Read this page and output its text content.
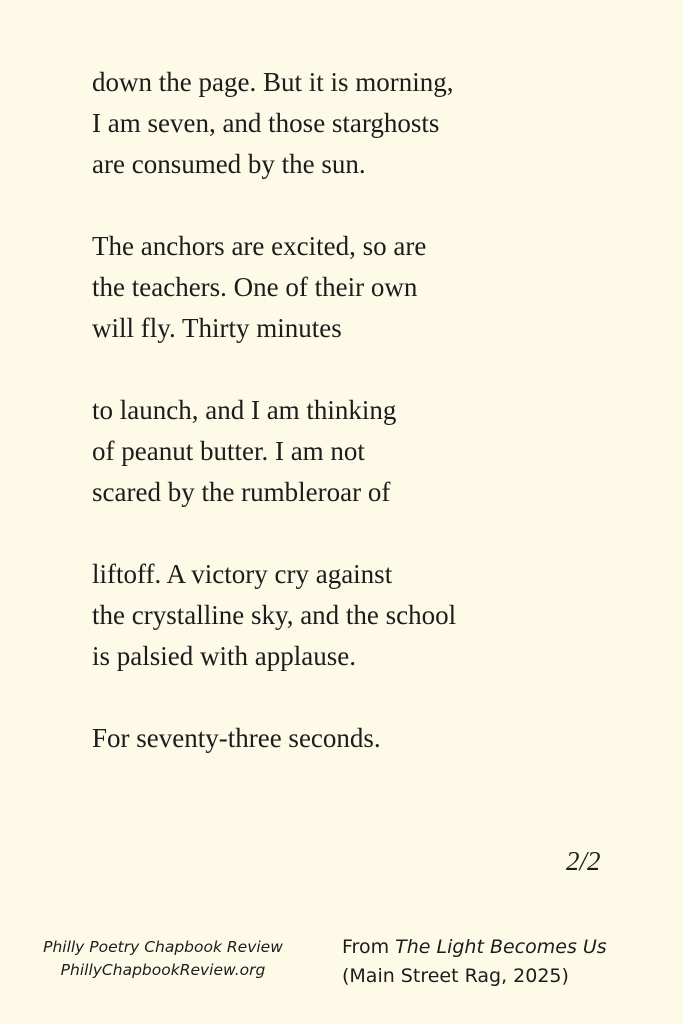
down the page. But it is morning,
I am seven, and those starghosts
are consumed by the sun.
The anchors are excited, so are
the teachers. One of their own
will fly. Thirty minutes
to launch, and I am thinking
of peanut butter. I am not
scared by the rumbleroar of
liftoff. A victory cry against
the crystalline sky, and the school
is palsied with applause.
For seventy-three seconds.
2/2
Philly Poetry Chapbook Review
PhillyChapbookReview.org
From The Light Becomes Us
(Main Street Rag, 2025)
